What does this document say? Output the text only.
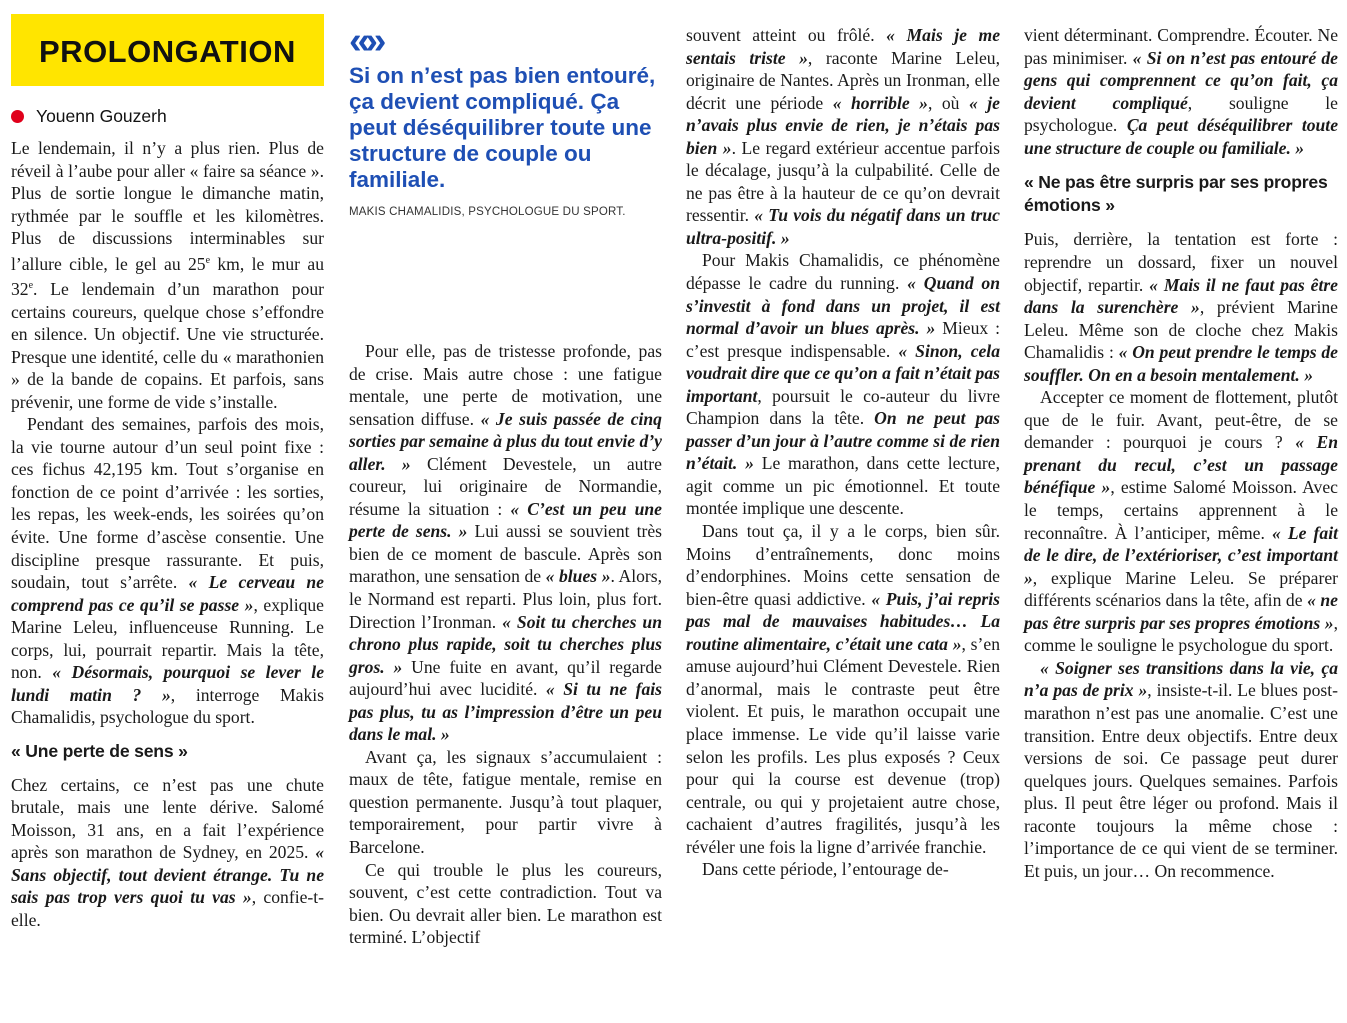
PROLONGATION
Youenn Gouzerh
« »
Si on n’est pas bien entouré, ça devient compliqué. Ça peut déséquilibrer toute une structure de couple ou familiale.
MAKIS CHAMALIDIS, PSYCHOLOGUE DU SPORT.

Le lendemain, il n’y a plus rien. Plus de réveil à l’aube pour aller « faire sa séance ». Plus de sortie longue le dimanche matin, rythmée par le souffle et les kilomètres. Plus de discussions interminables sur l’allure cible, le gel au 25e km, le mur au 32e. Le lendemain d’un marathon pour certains coureurs, quelque chose s’effondre en silence. Un objectif. Une vie structurée. Presque une identité, celle du « marathonien » de la bande de copains. Et parfois, sans prévenir, une forme de vide s’installe.

Pendant des semaines, parfois des mois, la vie tourne autour d’un seul point fixe : ces fichus 42,195 km. Tout s’organise en fonction de ce point d’arrivée : les sorties, les repas, les week-ends, les soirées qu’on évite. Une forme d’ascèse consentie. Une discipline presque rassurante. Et puis, soudain, tout s’arrête. « Le cerveau ne comprend pas ce qu’il se passe », explique Marine Leleu, influenceuse Running. Le corps, lui, pourrait repartir. Mais la tête, non. « Désormais, pourquoi se lever le lundi matin ? », interroge Makis Chamalidis, psychologue du sport.

« Une perte de sens »

Chez certains, ce n’est pas une chute brutale, mais une lente dérive. Salomé Moisson, 31 ans, en a fait l’expérience après son marathon de Sydney, en 2025. « Sans objectif, tout devient étrange. Tu ne sais pas trop vers quoi tu vas », confie-t-elle.

Pour elle, pas de tristesse profonde, pas de crise. Mais autre chose : une fatigue mentale, une perte de motivation, une sensation diffuse. « Je suis passée de cinq sorties par semaine à plus du tout envie d’y aller. » Clément Devestele, un autre coureur, lui originaire de Normandie, résume la situation : « C’est un peu une perte de sens. » Lui aussi se souvient très bien de ce moment de bascule. Après son marathon, une sensation de « blues ». Alors, le Normand est reparti. Plus loin, plus fort. Direction l’Ironman. « Soit tu cherches un chrono plus rapide, soit tu cherches plus gros. » Une fuite en avant, qu’il regarde aujourd’hui avec lucidité. « Si tu ne fais pas plus, tu as l’impression d’être un peu dans le mal. »

Avant ça, les signaux s’accumulaient : maux de tête, fatigue mentale, remise en question permanente. Jusqu’à tout plaquer, temporairement, pour partir vivre à Barcelone.

Ce qui trouble le plus les coureurs, souvent, c’est cette contradiction. Tout va bien. Ou devrait aller bien. Le marathon est terminé. L’objectif

souvent atteint ou frôlé. « Mais je me sentais triste », raconte Marine Leleu, originaire de Nantes. Après un Ironman, elle décrit une période « horrible », où « je n’avais plus envie de rien, je n’étais pas bien ». Le regard extérieur accentue parfois le décalage, jusqu’à la culpabilité. Celle de ne pas être à la hauteur de ce qu’on devrait ressentir. « Tu vois du négatif dans un truc ultra-positif. »

Pour Makis Chamalidis, ce phénomène dépasse le cadre du running. « Quand on s’investit à fond dans un projet, il est normal d’avoir un blues après. » Mieux : c’est presque indispensable. « Sinon, cela voudrait dire que ce qu’on a fait n’était pas important, poursuit le co-auteur du livre Champion dans la tête. On ne peut pas passer d’un jour à l’autre comme si de rien n’était. » Le marathon, dans cette lecture, agit comme un pic émotionnel. Et toute montée implique une descente.

Dans tout ça, il y a le corps, bien sûr. Moins d’entraînements, donc moins d’endorphines. Moins cette sensation de bien-être quasi addictive. « Puis, j’ai repris pas mal de mauvaises habitudes… La routine alimentaire, c’était une cata », s’en amuse aujourd’hui Clément Devestele. Rien d’anormal, mais le contraste peut être violent. Et puis, le marathon occupait une place immense. Le vide qu’il laisse varie selon les profils. Les plus exposés ? Ceux pour qui la course est devenue (trop) centrale, ou qui y projetaient autre chose, cachaient d’autres fragilités, jusqu’à les révéler une fois la ligne d’arrivée franchie.

Dans cette période, l’entourage de-

vient déterminant. Comprendre. Écouter. Ne pas minimiser. « Si on n’est pas entouré de gens qui comprennent ce qu’on fait, ça devient compliqué, souligne le psychologue. Ça peut déséquilibrer toute une structure de couple ou familiale. »

« Ne pas être surpris par ses propres émotions »

Puis, derrière, la tentation est forte : reprendre un dossard, fixer un nouvel objectif, repartir. « Mais il ne faut pas être dans la surenchère », prévient Marine Leleu. Même son de cloche chez Makis Chamalidis : « On peut prendre le temps de souffler. On en a besoin mentalement. »

Accepter ce moment de flottement, plutôt que de le fuir. Avant, peut-être, de se demander : pourquoi je cours ? « En prenant du recul, c’est un passage bénéfique », estime Salomé Moisson. Avec le temps, certains apprennent à le reconnaître. À l’anticiper, même. « Le fait de le dire, de l’extérioriser, c’est important », explique Marine Leleu. Se préparer différents scénarios dans la tête, afin de « ne pas être surpris par ses propres émotions », comme le souligne le psychologue du sport.

« Soigner ses transitions dans la vie, ça n’a pas de prix », insiste-t-il. Le blues post-marathon n’est pas une anomalie. C’est une transition. Entre deux objectifs. Entre deux versions de soi. Ce passage peut durer quelques jours. Quelques semaines. Parfois plus. Il peut être léger ou profond. Mais il raconte toujours la même chose : l’importance de ce qui vient de se terminer. Et puis, un jour… On recommence.
